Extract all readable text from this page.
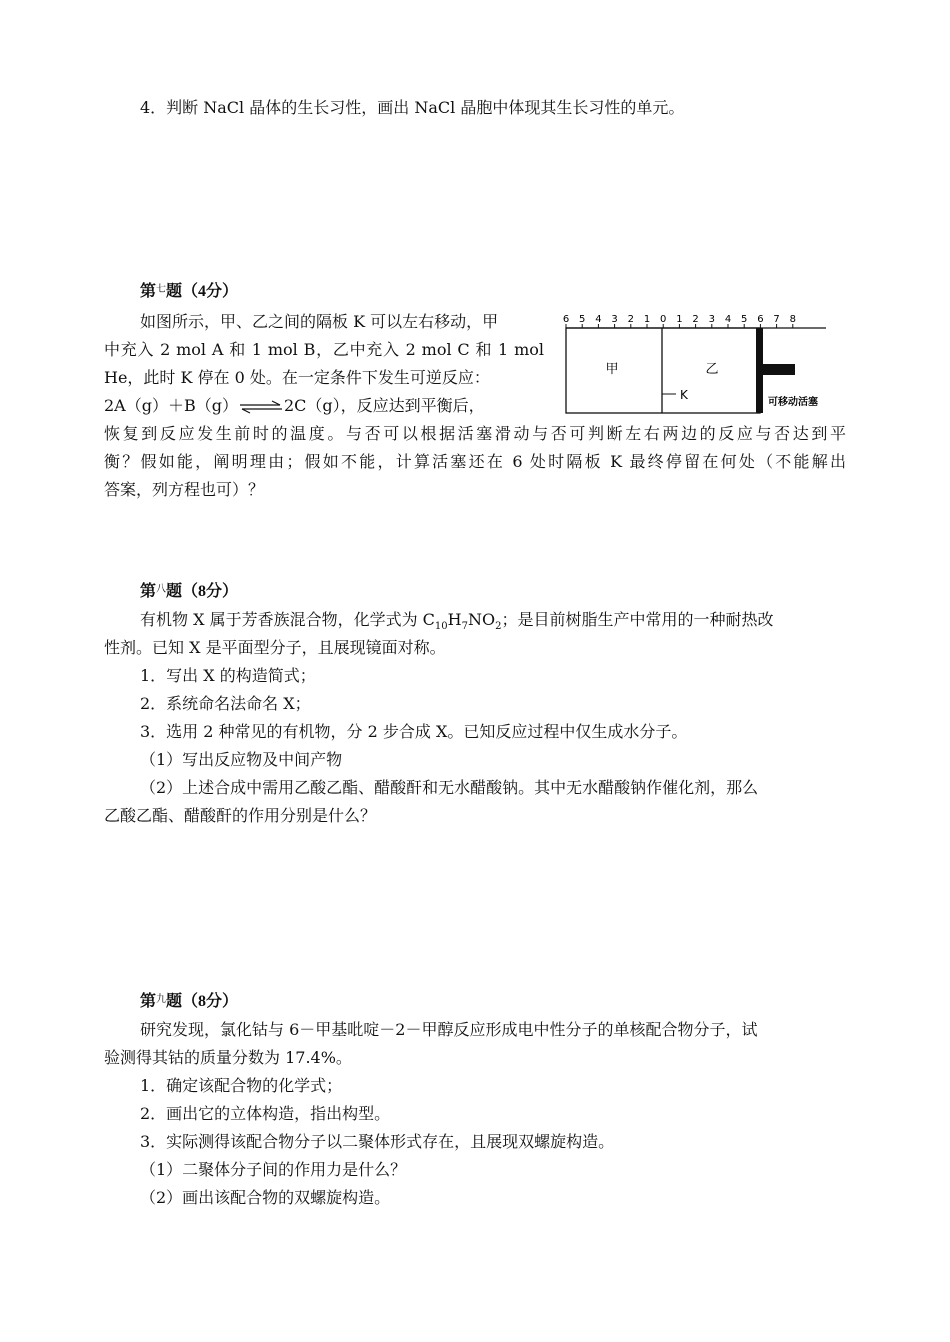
4．判断 NaCl 晶体的生长习性，画出 NaCl 晶胞中体现其生长习性的单元。
第$^七$题（4分）
如图所示，甲、乙之间的隔板 K 可以左右移动，甲
中充入 2 mol A 和 1 mol B，乙中充入 2 mol C 和 1 mol
He，此时 K 停在 0 处。在一定条件下发生可逆反应：
2A（g）＋B（g）⇌2C（g），反应达到平衡后，
恢复到反应发生前时的温度。与否可以根据活塞滑动与否可判断左右两边的反应与否达到平
衡？假如能，阐明理由；假如不能，计算活塞还在 6 处时隔板 K 最终停留在何处（不能解出
答案，列方程也可）？
6 5 4 3 2 1 0 1 2 3 4 5 6 7 8
甲	乙
K
可移动活塞
第$^八$题（8分）
有机物 X 属于芳香族混合物，化学式为 $C_{10}H_7NO_2$；是目前树脂生产中常用的一种耐热改
性剂。已知 X 是平面型分子，且展现镜面对称。
1．写出 X 的构造简式；
2．系统命名法命名 X；
3．选用 2 种常见的有机物，分 2 步合成 X。已知反应过程中仅生成水分子。
（1）写出反应物及中间产物
（2）上述合成中需用乙酸乙酯、醋酸酐和无水醋酸钠。其中无水醋酸钠作催化剂，那么
乙酸乙酯、醋酸酐的作用分别是什么？
第$^九$题（8分）
研究发现，氯化钴与 6－甲基吡啶－2－甲醇反应形成电中性分子的单核配合物分子，试
验测得其钴的质量分数为 17.4%。
1．确定该配合物的化学式；
2．画出它的立体构造，指出构型。
3．实际测得该配合物分子以二聚体形式存在，且展现双螺旋构造。
（1）二聚体分子间的作用力是什么？
（2）画出该配合物的双螺旋构造。
